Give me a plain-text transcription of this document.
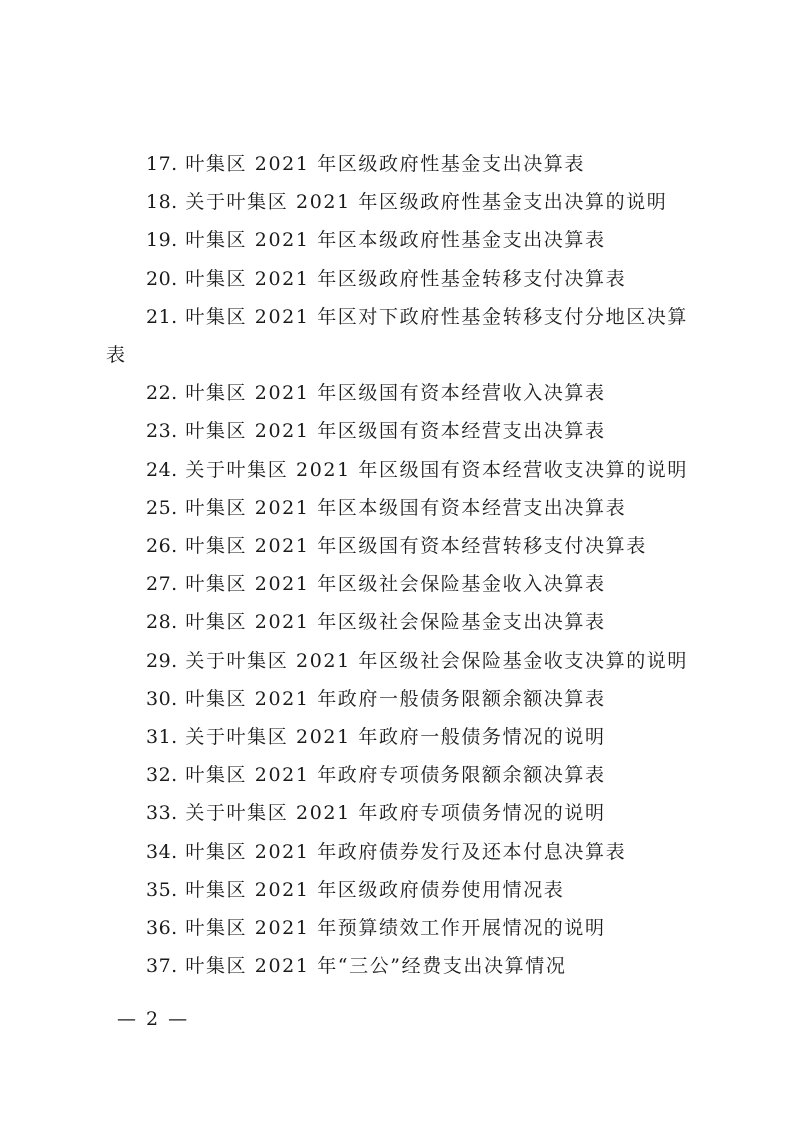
17. 叶集区 2021 年区级政府性基金支出决算表
18. 关于叶集区 2021 年区级政府性基金支出决算的说明
19. 叶集区 2021 年区本级政府性基金支出决算表
20. 叶集区 2021 年区级政府性基金转移支付决算表
21. 叶集区 2021 年区对下政府性基金转移支付分地区决算表
22. 叶集区 2021 年区级国有资本经营收入决算表
23. 叶集区 2021 年区级国有资本经营支出决算表
24. 关于叶集区 2021 年区级国有资本经营收支决算的说明
25. 叶集区 2021 年区本级国有资本经营支出决算表
26. 叶集区 2021 年区级国有资本经营转移支付决算表
27. 叶集区 2021 年区级社会保险基金收入决算表
28. 叶集区 2021 年区级社会保险基金支出决算表
29. 关于叶集区 2021 年区级社会保险基金收支决算的说明
30. 叶集区 2021 年政府一般债务限额余额决算表
31. 关于叶集区 2021 年政府一般债务情况的说明
32. 叶集区 2021 年政府专项债务限额余额决算表
33. 关于叶集区 2021 年政府专项债务情况的说明
34. 叶集区 2021 年政府债券发行及还本付息决算表
35. 叶集区 2021 年区级政府债券使用情况表
36. 叶集区 2021 年预算绩效工作开展情况的说明
37. 叶集区 2021 年“三公”经费支出决算情况
— 2 —
